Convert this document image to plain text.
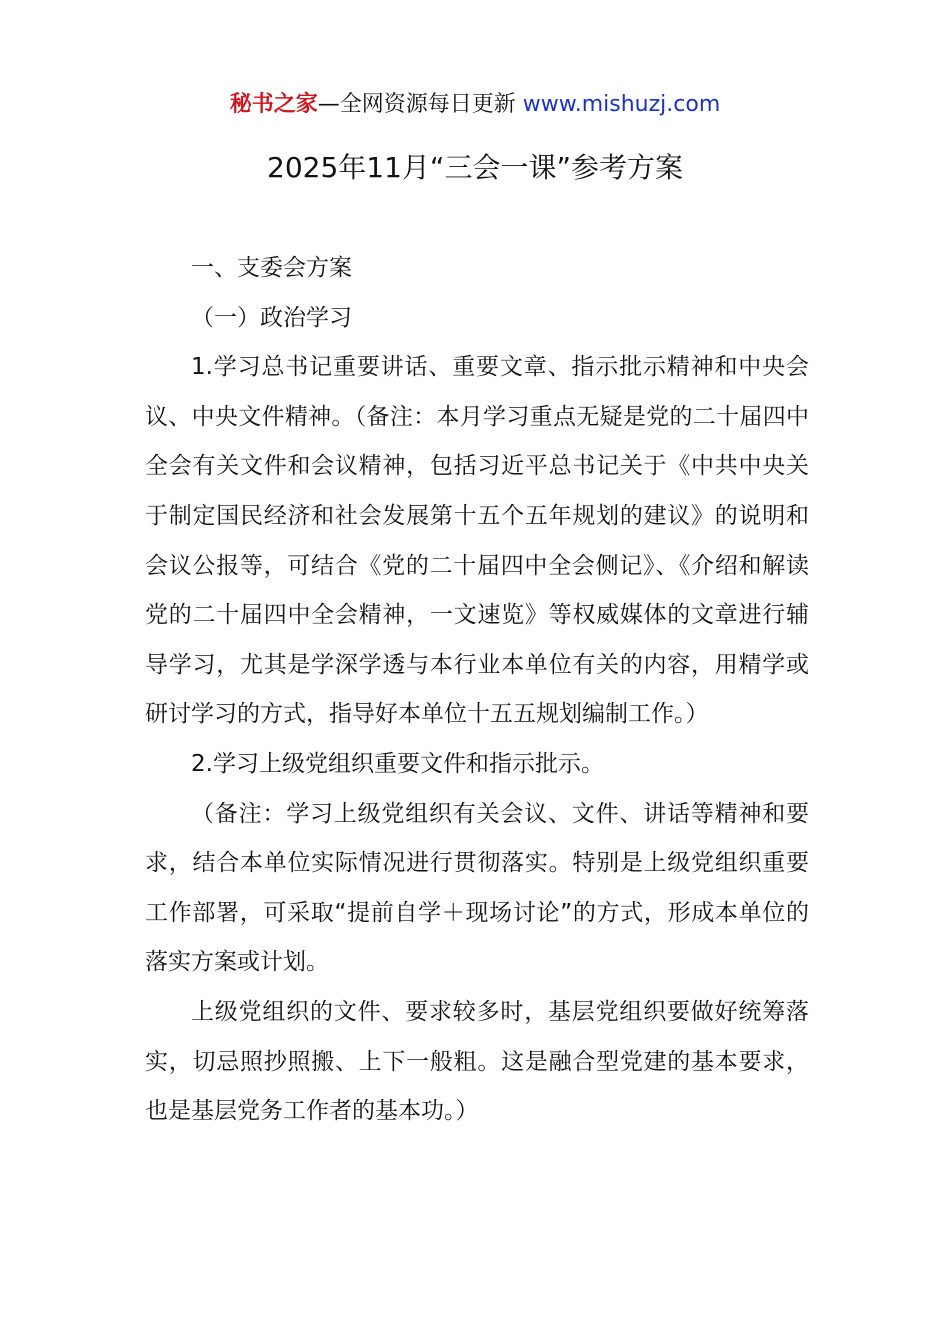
秘书之家—全网资源每日更新 www.mishuzj.com
2025年11月“三会一课”参考方案

一、支委会方案

（一）政治学习

1.学习总书记重要讲话、重要文章、指示批示精神和中央会议、中央文件精神。（备注：本月学习重点无疑是党的二十届四中全会有关文件和会议精神，包括习近平总书记关于《中共中央关于制定国民经济和社会发展第十五个五年规划的建议》的说明和会议公报等，可结合《党的二十届四中全会侧记》、《介绍和解读党的二十届四中全会精神，一文速览》等权威媒体的文章进行辅导学习，尤其是学深学透与本行业本单位有关的内容，用精学或研讨学习的方式，指导好本单位十五五规划编制工作。）

2.学习上级党组织重要文件和指示批示。

（备注：学习上级党组织有关会议、文件、讲话等精神和要求，结合本单位实际情况进行贯彻落实。特别是上级党组织重要工作部署，可采取“提前自学＋现场讨论”的方式，形成本单位的落实方案或计划。

上级党组织的文件、要求较多时，基层党组织要做好统筹落实，切忌照抄照搬、上下一般粗。这是融合型党建的基本要求，也是基层党务工作者的基本功。）
